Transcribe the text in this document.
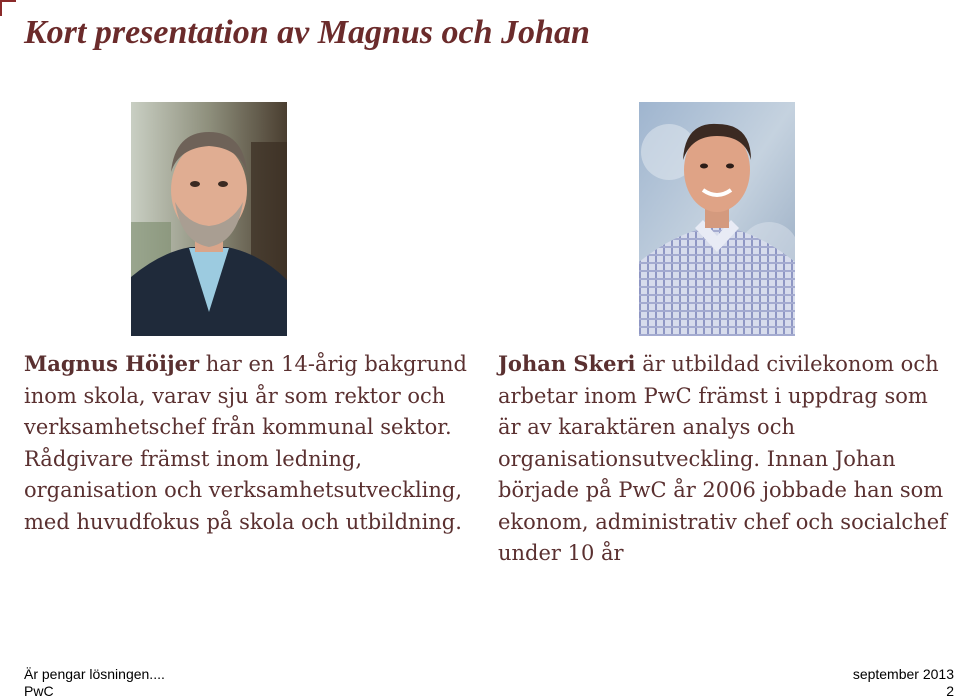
Kort presentation av Magnus och Johan

Magnus Höijer har en 14-årig bakgrund inom skola, varav sju år som rektor och verksamhetschef från kommunal sektor. Rådgivare främst inom ledning, organisation och verksamhetsutveckling, med huvudfokus på skola och utbildning.

Johan Skeri är utbildad civilekonom och arbetar inom PwC främst i uppdrag som är av karaktären analys och organisationsutveckling. Innan Johan började på PwC år 2006 jobbade han som ekonom, administrativ chef och socialchef under 10 år

Är pengar lösningen....
PwC
september 2013
2
